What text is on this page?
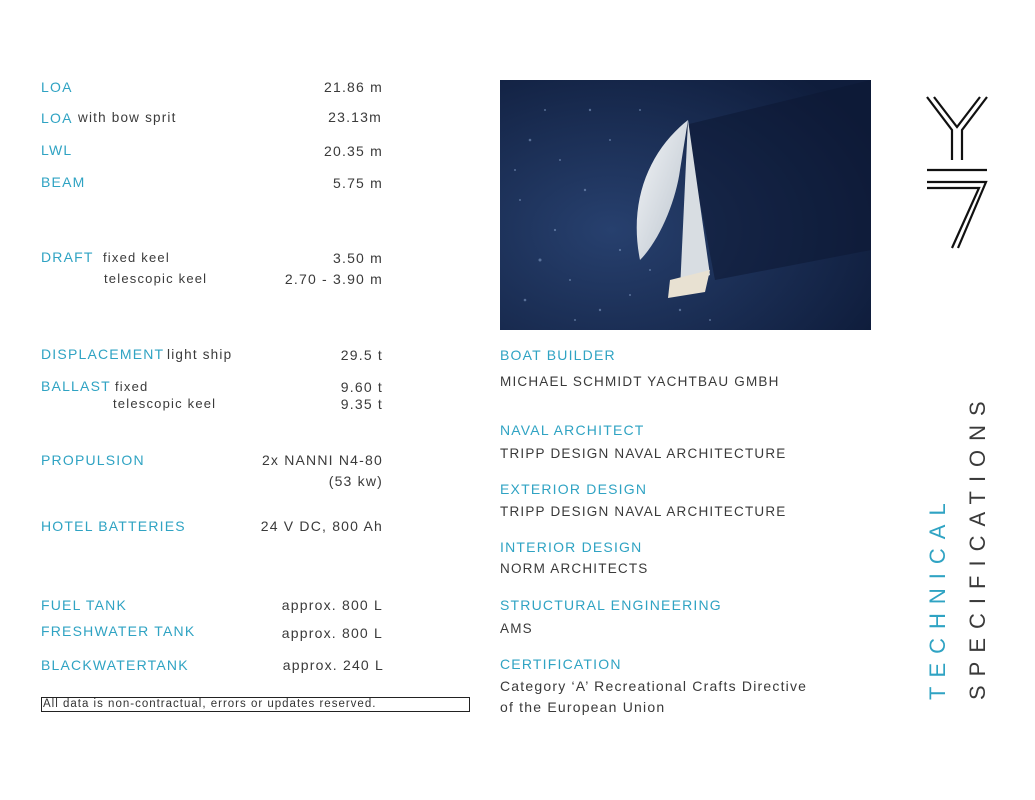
LOA	21.86 m
LOA with bow sprit	23.13m
LWL	20.35 m
BEAM	5.75 m
DRAFT fixed keel	3.50 m
telescopic keel	2.70 - 3.90 m
DISPLACEMENT light ship	29.5 t
BALLAST fixed	9.60 t
telescopic keel	9.35 t
PROPULSION	2x NANNI N4-80
(53 kw)
HOTEL BATTERIES	24 V DC, 800 Ah
FUEL TANK	approx. 800 L
FRESHWATER TANK	approx. 800 L
BLACKWATERTANK	approx. 240 L
All data is non-contractual, errors or updates reserved.
BOAT BUILDER
MICHAEL SCHMIDT YACHTBAU GMBH
NAVAL ARCHITECT
TRIPP DESIGN NAVAL ARCHITECTURE
EXTERIOR DESIGN
TRIPP DESIGN NAVAL ARCHITECTURE
INTERIOR DESIGN
NORM ARCHITECTS
STRUCTURAL ENGINEERING
AMS
CERTIFICATION
Category ‘A’ Recreational Crafts Directive
of the European Union
TECHNICAL SPECIFICATIONS
